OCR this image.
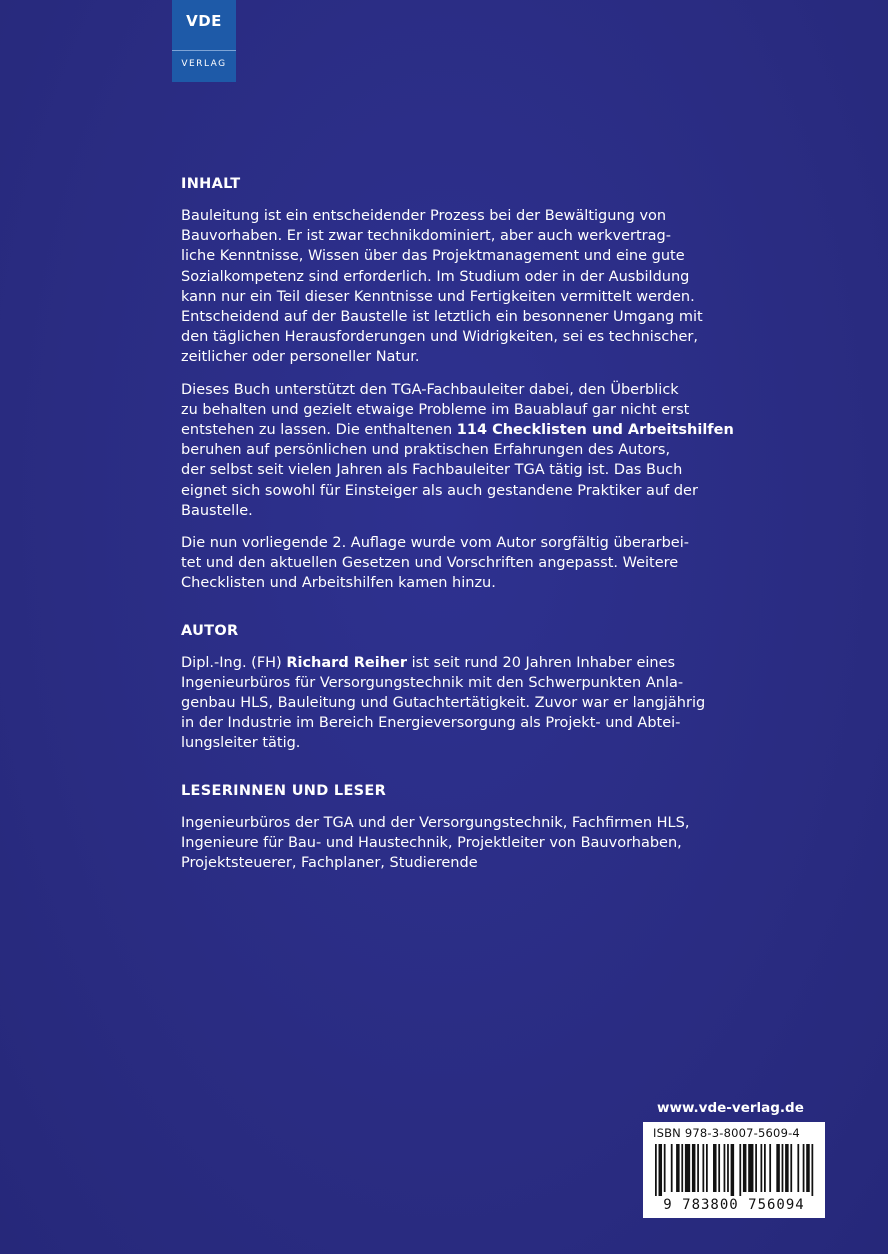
VDE
VERLAG
INHALT
Bauleitung ist ein entscheidender Prozess bei der Bewältigung von
Bauvorhaben. Er ist zwar technikdominiert, aber auch werkvertrag-
liche Kenntnisse, Wissen über das Projektmanagement und eine gute
Sozialkompetenz sind erforderlich. Im Studium oder in der Ausbildung
kann nur ein Teil dieser Kenntnisse und Fertigkeiten vermittelt werden.
Entscheidend auf der Baustelle ist letztlich ein besonnener Umgang mit
den täglichen Herausforderungen und Widrigkeiten, sei es technischer,
zeitlicher oder personeller Natur.
Dieses Buch unterstützt den TGA-Fachbauleiter dabei, den Überblick
zu behalten und gezielt etwaige Probleme im Bauablauf gar nicht erst
entstehen zu lassen. Die enthaltenen 114 Checklisten und Arbeitshilfen
beruhen auf persönlichen und praktischen Erfahrungen des Autors,
der selbst seit vielen Jahren als Fachbauleiter TGA tätig ist. Das Buch
eignet sich sowohl für Einsteiger als auch gestandene Praktiker auf der
Baustelle.
Die nun vorliegende 2. Auflage wurde vom Autor sorgfältig überarbei-
tet und den aktuellen Gesetzen und Vorschriften angepasst. Weitere
Checklisten und Arbeitshilfen kamen hinzu.
AUTOR
Dipl.-Ing. (FH) Richard Reiher ist seit rund 20 Jahren Inhaber eines
Ingenieurbüros für Versorgungstechnik mit den Schwerpunkten Anla-
genbau HLS, Bauleitung und Gutachtertätigkeit. Zuvor war er langjährig
in der Industrie im Bereich Energieversorgung als Projekt- und Abtei-
lungsleiter tätig.
LESERINNEN UND LESER
Ingenieurbüros der TGA und der Versorgungstechnik, Fachfirmen HLS,
Ingenieure für Bau- und Haustechnik, Projektleiter von Bauvorhaben,
Projektsteuerer, Fachplaner, Studierende
www.vde-verlag.de
ISBN 978-3-8007-5609-4
9 783800 756094
